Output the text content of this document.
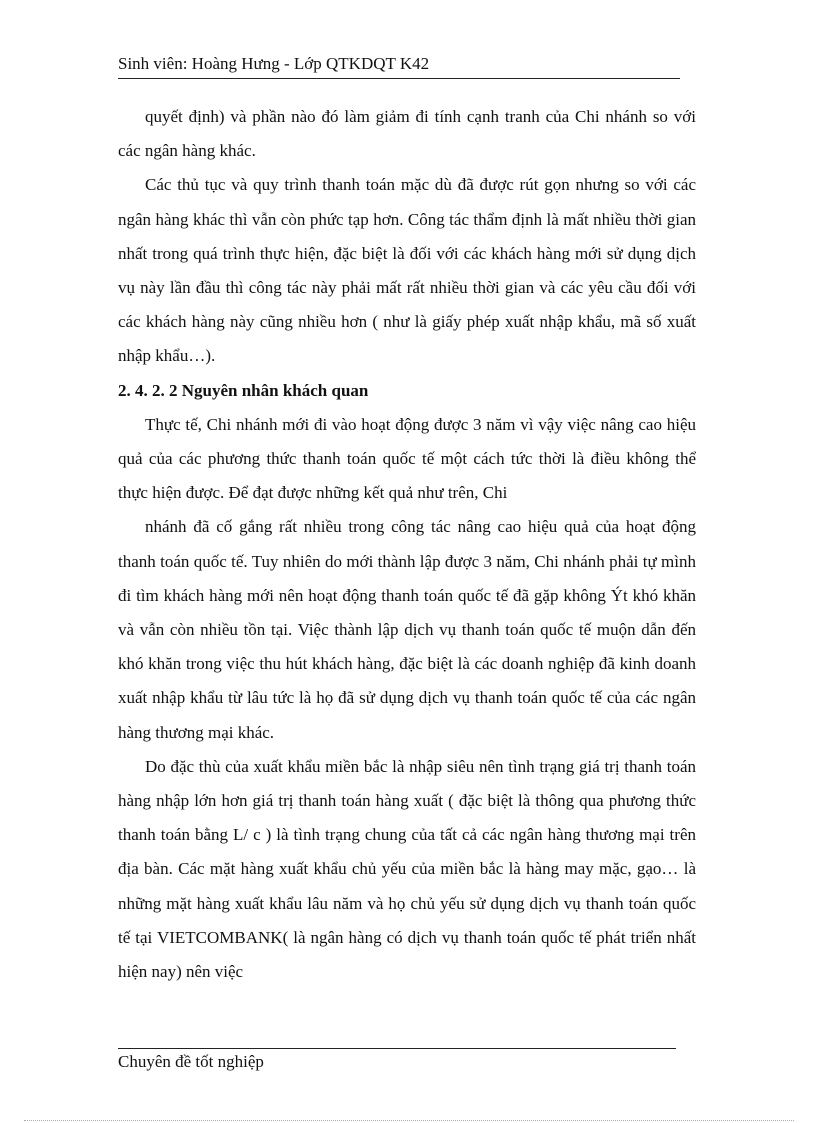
Sinh viên: Hoàng Hưng - Lớp QTKDQT K42

quyết định) và phần nào đó làm giảm đi tính cạnh tranh của Chi nhánh so với các ngân hàng khác.

Các thủ tục và quy trình thanh toán mặc dù đã được rút gọn nhưng so với các ngân hàng khác thì vẫn còn phức tạp hơn. Công tác thẩm định là mất nhiều thời gian nhất trong quá trình thực hiện, đặc biệt là đối với các khách hàng mới sử dụng dịch vụ này lần đầu thì công tác này phải mất rất nhiều thời gian và các yêu cầu đối với các khách hàng này cũng nhiều hơn ( như là giấy phép xuất nhập khẩu, mã số xuất nhập khẩu…).

2. 4. 2. 2 Nguyên nhân khách quan

Thực tế, Chi nhánh mới đi vào hoạt động được 3 năm vì vậy việc nâng cao hiệu quả của các phương thức thanh toán quốc tế một cách tức thời là điều không thể thực hiện được. Để đạt được những kết quả như trên, Chi

nhánh đã cố gắng rất nhiều trong công tác nâng cao hiệu quả của hoạt động thanh toán quốc tế. Tuy nhiên do mới thành lập được 3 năm, Chi nhánh phải tự mình đi tìm khách hàng mới nên hoạt động thanh toán quốc tế đã gặp không Ýt khó khăn và vẫn còn nhiều tồn tại. Việc thành lập dịch vụ thanh toán quốc tế muộn dẫn đến khó khăn trong việc thu hút khách hàng, đặc biệt là các doanh nghiệp đã kinh doanh xuất nhập khẩu từ lâu tức là họ đã sử dụng dịch vụ thanh toán quốc tế của các ngân hàng thương mại khác.

Do đặc thù của xuất khẩu miền bắc là nhập siêu nên tình trạng giá trị thanh toán hàng nhập lớn hơn giá trị thanh toán hàng xuất ( đặc biệt là thông qua phương thức thanh toán bằng L/ c ) là tình trạng chung của tất cả các ngân hàng thương mại trên địa bàn. Các mặt hàng xuất khẩu chủ yếu của miền bắc là hàng may mặc, gạo… là những mặt hàng xuất khẩu lâu năm và họ chủ yếu sử dụng dịch vụ thanh toán quốc tế tại VIETCOMBANK( là ngân hàng có dịch vụ thanh toán quốc tế phát triển nhất hiện nay) nên việc

Chuyên đề tốt nghiệp
